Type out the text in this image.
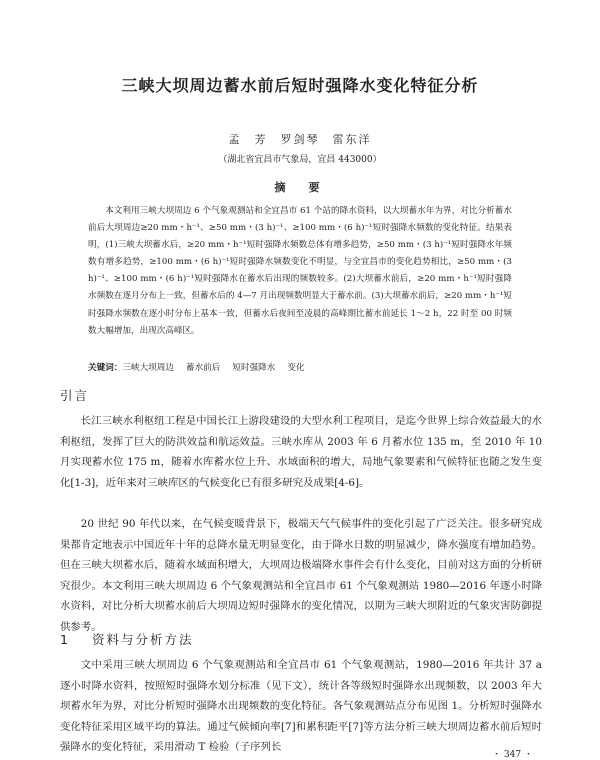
三峡大坝周边蓄水前后短时强降水变化特征分析
孟　芳　罗剑琴　雷东洋
（湖北省宜昌市气象局，宜昌 443000）
摘　要

本文利用三峡大坝周边 6 个气象观测站和全宜昌市 61 个站的降水资料，以大坝蓄水年为界，对比分析蓄水前后大坝周边≥20 mm・h⁻¹、≥50 mm・(3 h)⁻¹、≥100 mm・(6 h)⁻¹短时强降水频数的变化特征。结果表明，(1)三峡大坝蓄水后，≥20 mm・h⁻¹短时强降水频数总体有增多趋势，≥50 mm・(3 h)⁻¹短时强降水年频数有增多趋势，≥100 mm・(6 h)⁻¹短时强降水频数变化不明显，与全宜昌市的变化趋势相比，≥50 mm・(3 h)⁻¹、≥100 mm・(6 h)⁻¹短时强降水在蓄水后出现的频数较多。(2)大坝蓄水前后，≥20 mm・h⁻¹短时强降水频数在逐月分布上一致，但蓄水后的 4—7 月出现频数明显大于蓄水前。(3)大坝蓄水前后，≥20 mm・h⁻¹短时强降水频数在逐小时分布上基本一致，但蓄水后夜间至凌晨的高峰期比蓄水前延长 1～2 h，22 时至 00 时频数大幅增加，出现次高峰区。

关键词：三峡大坝周边 蓄水前后 短时强降水 变化
引言

长江三峡水利枢纽工程是中国长江上游段建设的大型水利工程项目，是迄今世界上综合效益最大的水利枢纽，发挥了巨大的防洪效益和航运效益。三峡水库从 2003 年 6 月蓄水位 135 m，至 2010 年 10 月实现蓄水位 175 m，随着水库蓄水位上升、水域面积的增大，局地气象要素和气候特征也随之发生变化[1-3]，近年来对三峡库区的气候变化已有很多研究及成果[4-6]。

20 世纪 90 年代以来，在气候变暖背景下，极端天气气候事件的变化引起了广泛关注。很多研究成果都肯定地表示中国近年十年的总降水量无明显变化，由于降水日数的明显减少，降水强度有增加趋势。但在三峡大坝蓄水后，随着水域面积增大，大坝周边极端降水事件会有什么变化，目前对这方面的分析研究很少。本文利用三峡大坝周边 6 个气象观测站和全宜昌市 61 个气象观测站 1980—2016 年逐小时降水资料，对比分析大坝蓄水前后大坝周边短时强降水的变化情况，以期为三峡大坝附近的气象灾害防御提供参考。

1 资料与分析方法

文中采用三峡大坝周边 6 个气象观测站和全宜昌市 61 个气象观测站，1980—2016 年共计 37 a 逐小时降水资料，按照短时强降水划分标准（见下文），统计各等级短时强降水出现频数，以 2003 年大坝蓄水年为界，对比分析短时强降水出现频数的变化特征。各气象观测站点分布见图 1。分析短时强降水变化特征采用区域平均的算法。通过气候倾向率[7]和累积距平[7]等方法分析三峡大坝周边蓄水前后短时强降水的变化特征，采用滑动 T 检验（子序列长

・ 347 ・
